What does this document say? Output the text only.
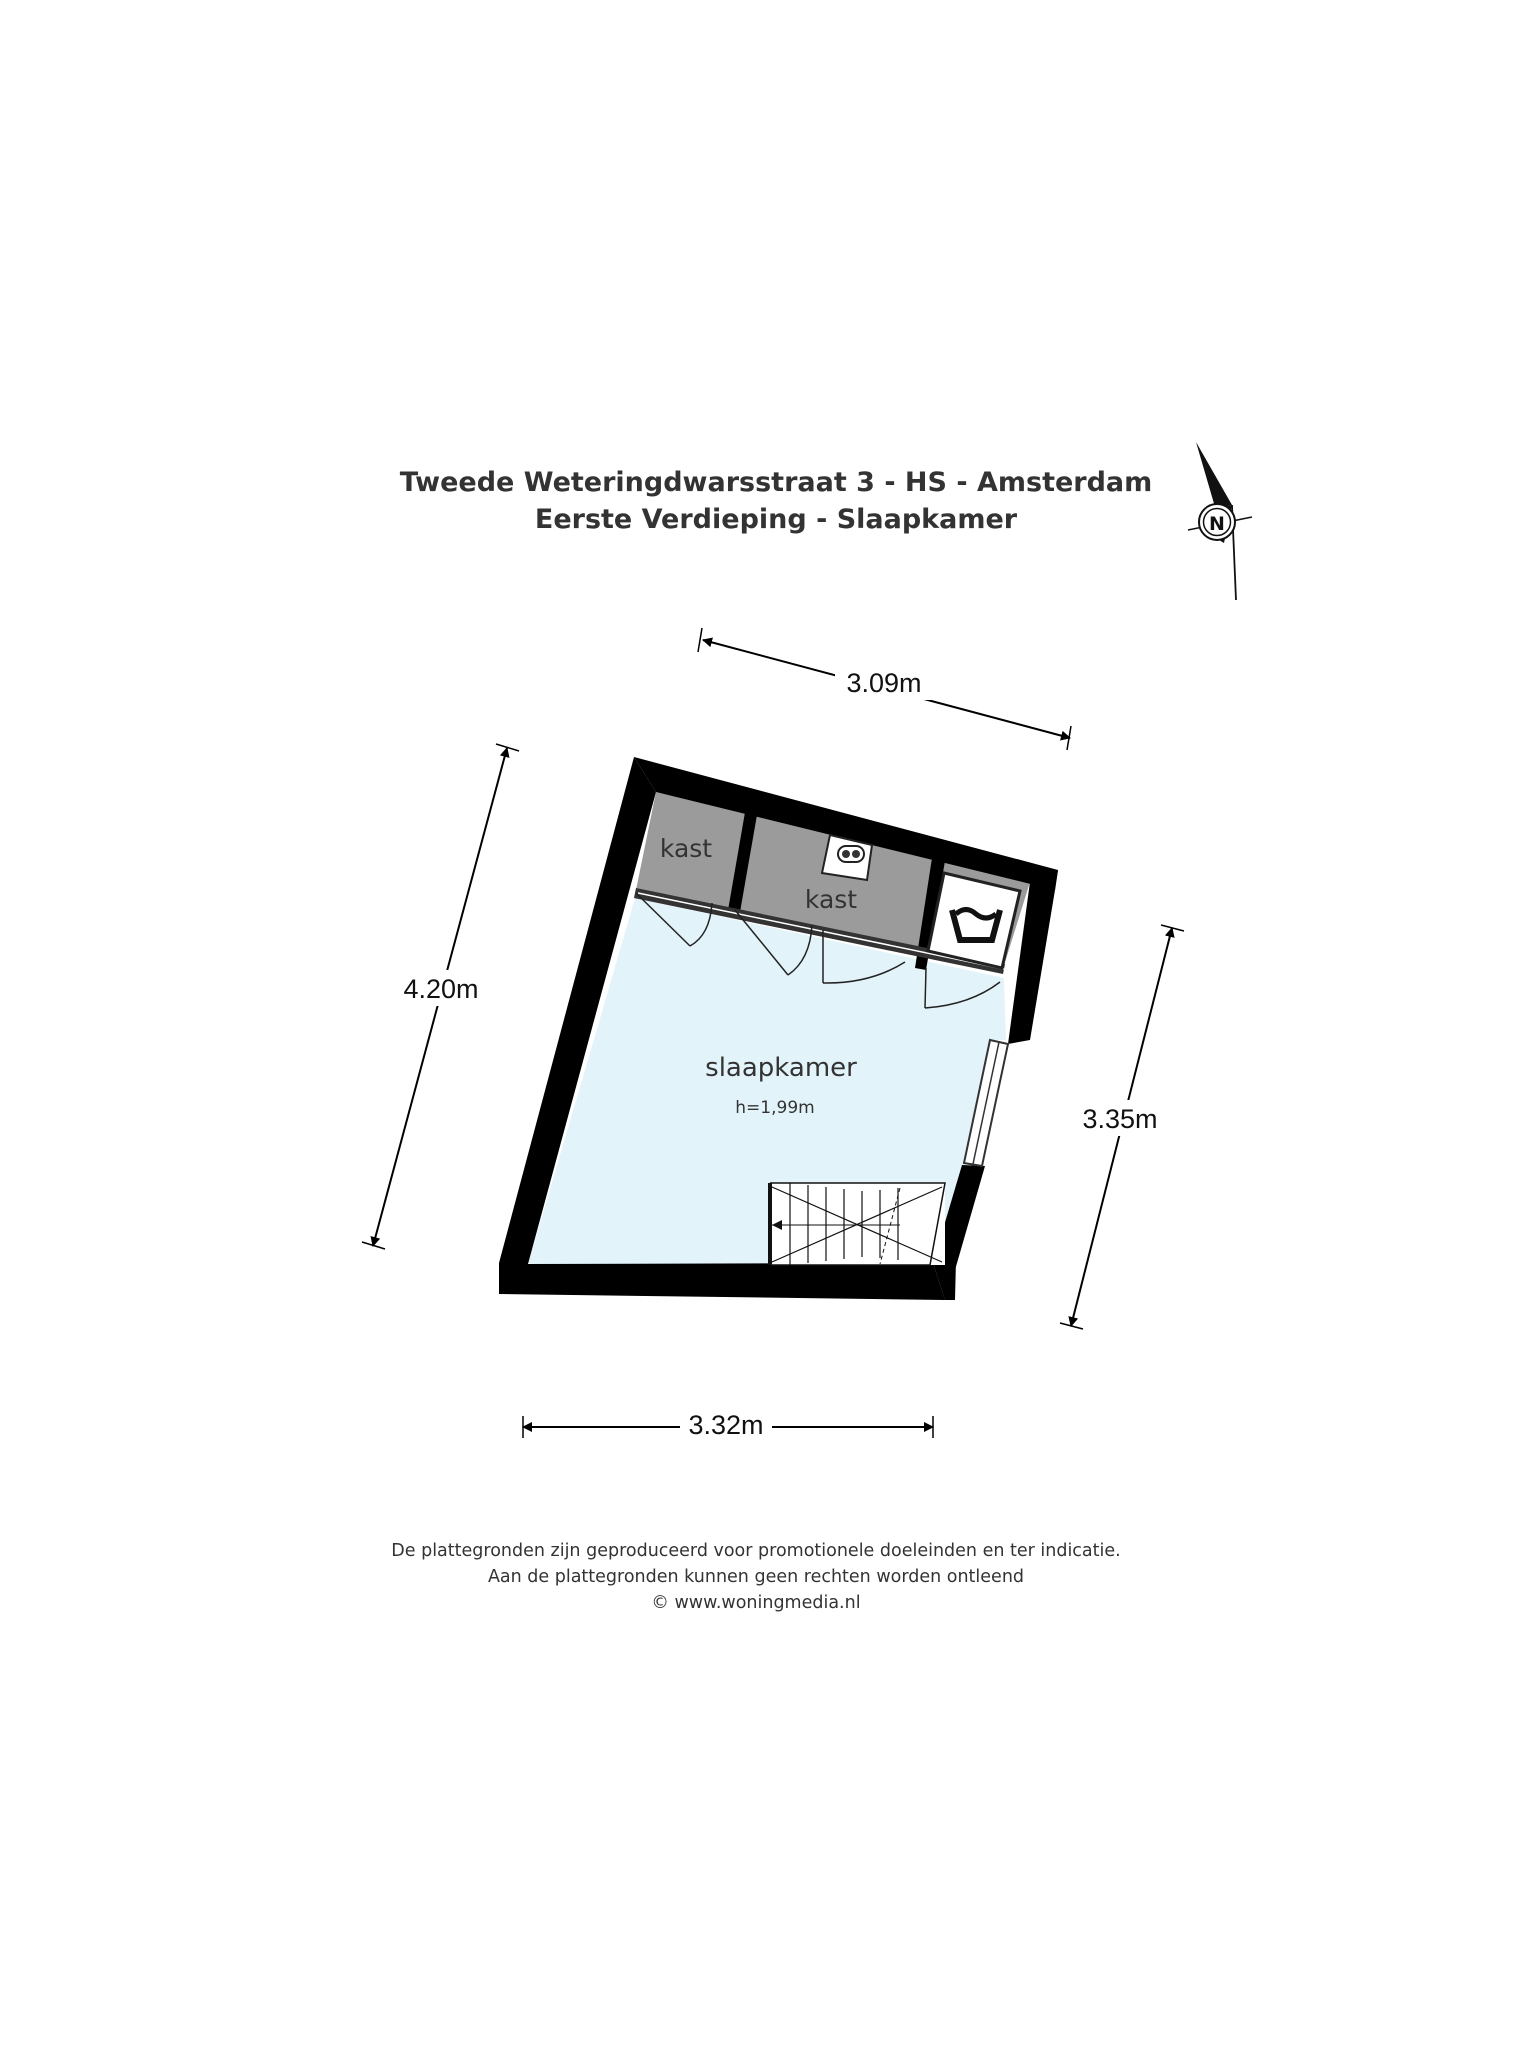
Tweede Weteringdwarsstraat 3 - HS - Amsterdam
Eerste Verdieping - Slaapkamer	N
3.09m
4.20m
3.35m
3.32m
kast
kast
slaapkamer
h=1,99m
De plattegronden zijn geproduceerd voor promotionele doeleinden en ter indicatie.
Aan de plattegronden kunnen geen rechten worden ontleend
© www.woningmedia.nl
